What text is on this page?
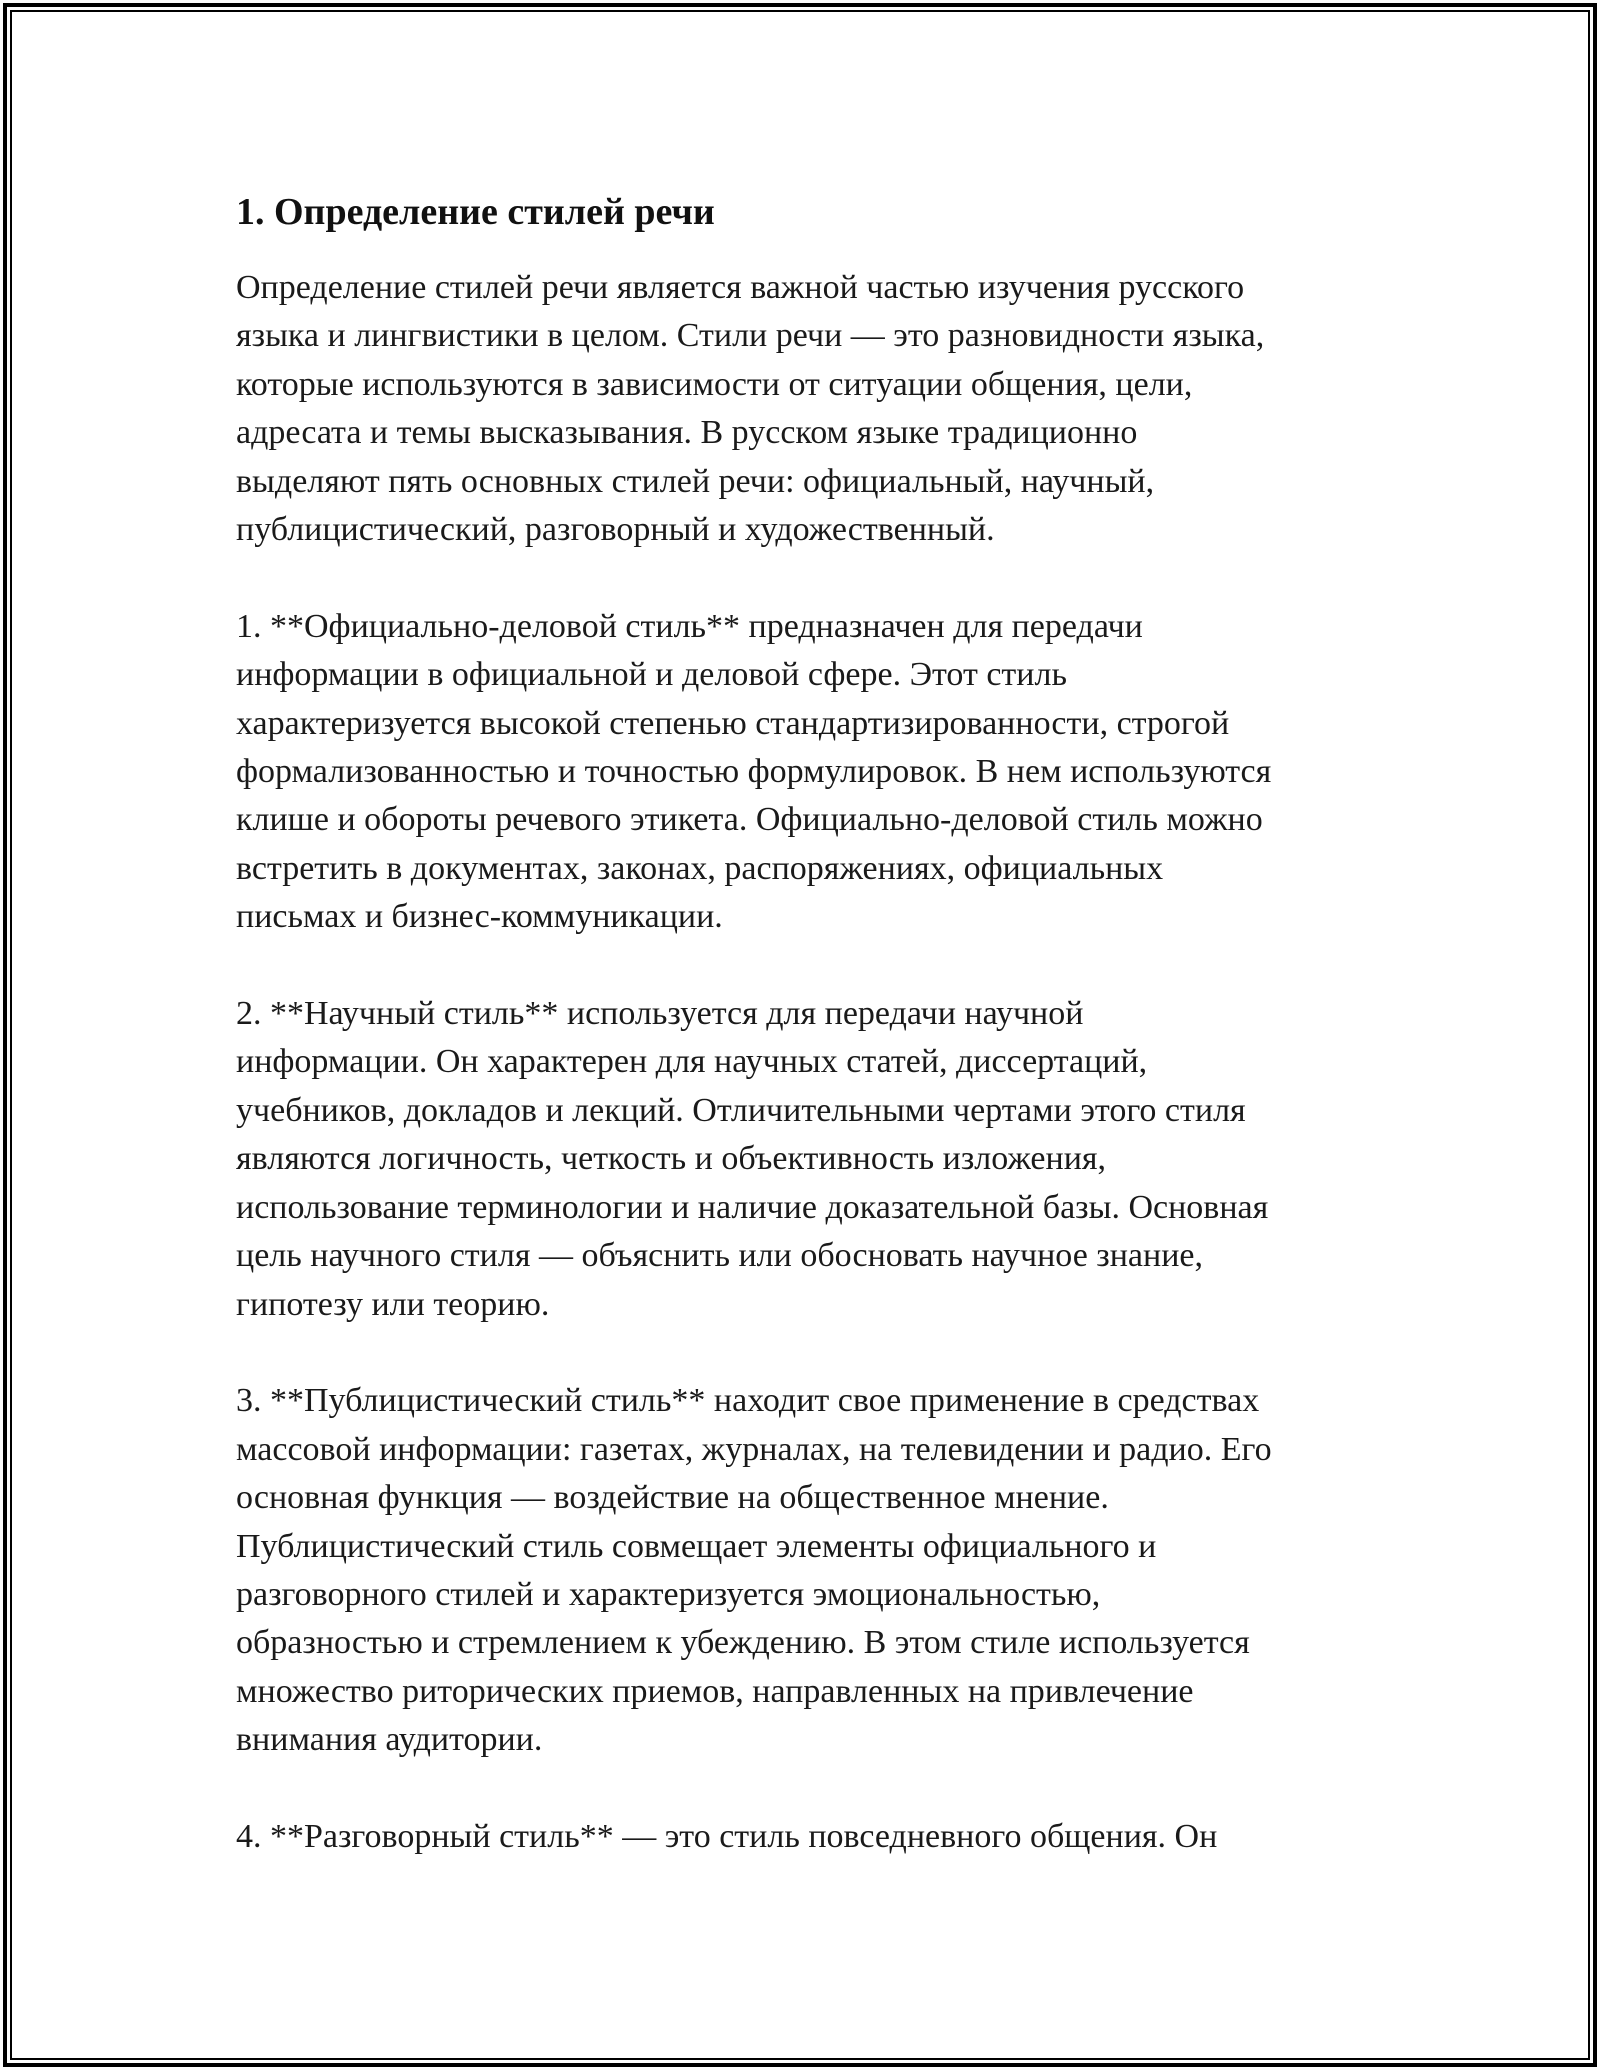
1. Определение стилей речи

Определение стилей речи является важной частью изучения русского
языка и лингвистики в целом. Стили речи — это разновидности языка,
которые используются в зависимости от ситуации общения, цели,
адресата и темы высказывания. В русском языке традиционно
выделяют пять основных стилей речи: официальный, научный,
публицистический, разговорный и художественный.

1. **Официально-деловой стиль** предназначен для передачи
информации в официальной и деловой сфере. Этот стиль
характеризуется высокой степенью стандартизированности, строгой
формализованностью и точностью формулировок. В нем используются
клише и обороты речевого этикета. Официально-деловой стиль можно
встретить в документах, законах, распоряжениях, официальных
письмах и бизнес-коммуникации.

2. **Научный стиль** используется для передачи научной
информации. Он характерен для научных статей, диссертаций,
учебников, докладов и лекций. Отличительными чертами этого стиля
являются логичность, четкость и объективность изложения,
использование терминологии и наличие доказательной базы. Основная
цель научного стиля — объяснить или обосновать научное знание,
гипотезу или теорию.

3. **Публицистический стиль** находит свое применение в средствах
массовой информации: газетах, журналах, на телевидении и радио. Его
основная функция — воздействие на общественное мнение.
Публицистический стиль совмещает элементы официального и
разговорного стилей и характеризуется эмоциональностью,
образностью и стремлением к убеждению. В этом стиле используется
множество риторических приемов, направленных на привлечение
внимания аудитории.

4. **Разговорный стиль** — это стиль повседневного общения. Он
